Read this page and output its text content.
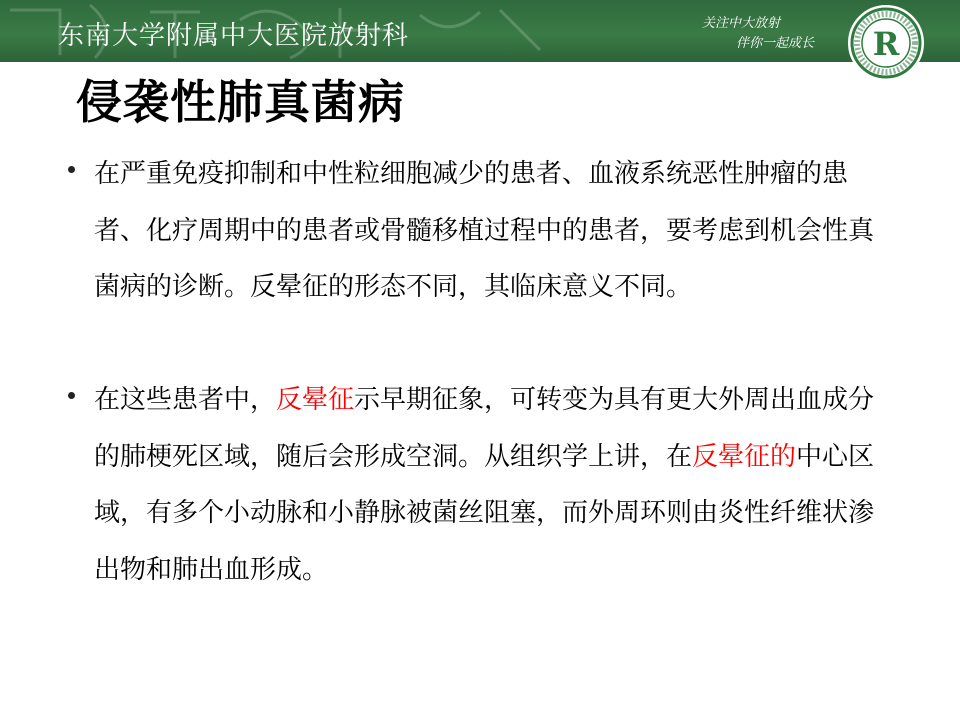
东南大学附属中大医院放射科	关注中大放射
伴你一起成长	R
侵袭性肺真菌病

在严重免疫抑制和中性粒细胞减少的患者、血液系统恶性肿瘤的患者、化疗周期中的患者或骨髓移植过程中的患者，要考虑到机会性真菌病的诊断。反晕征的形态不同，其临床意义不同。

在这些患者中，反晕征示早期征象，可转变为具有更大外周出血成分的肺梗死区域，随后会形成空洞。从组织学上讲，在反晕征的中心区域，有多个小动脉和小静脉被菌丝阻塞，而外周环则由炎性纤维状渗出物和肺出血形成。
